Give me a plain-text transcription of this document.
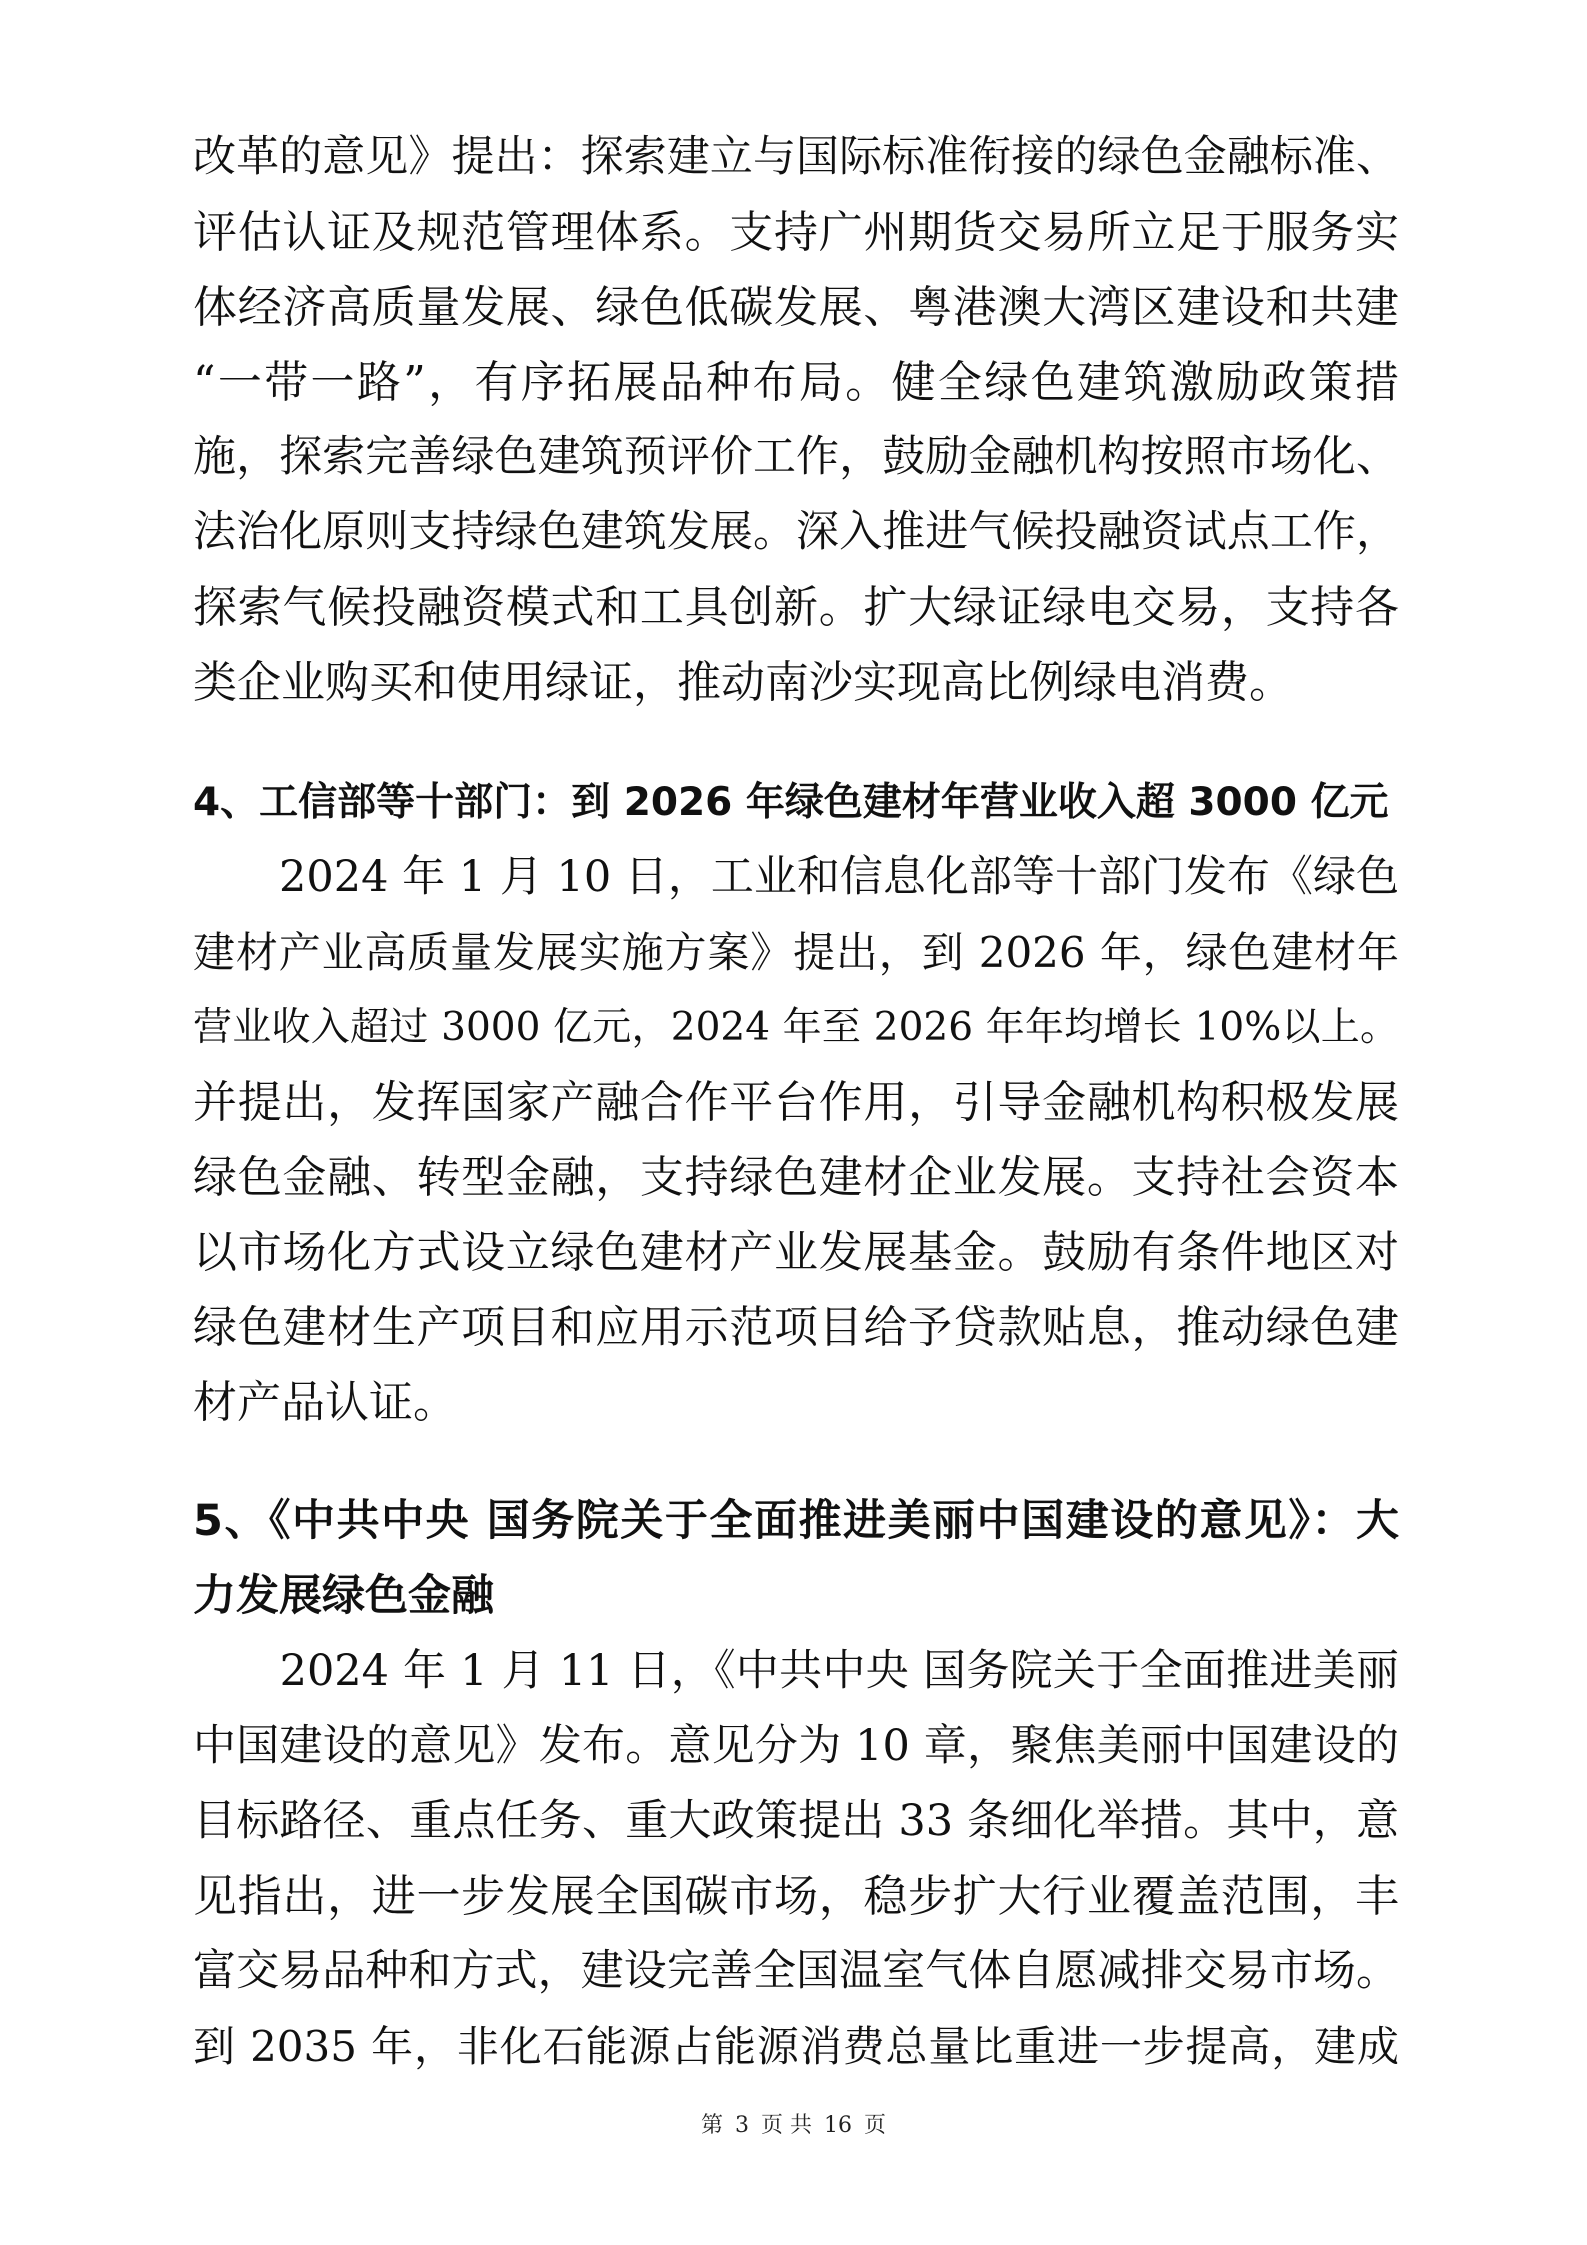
改革的意见》提出：探索建立与国际标准衔接的绿色金融标准、
评估认证及规范管理体系。支持广州期货交易所立足于服务实
体经济高质量发展、绿色低碳发展、粤港澳大湾区建设和共建
“一带一路”，有序拓展品种布局。健全绿色建筑激励政策措
施，探索完善绿色建筑预评价工作，鼓励金融机构按照市场化、
法治化原则支持绿色建筑发展。深入推进气候投融资试点工作，
探索气候投融资模式和工具创新。扩大绿证绿电交易，支持各
类企业购买和使用绿证，推动南沙实现高比例绿电消费。
4、工信部等十部门：到 2026 年绿色建材年营业收入超 3000 亿元
　　2024 年 1 月 10 日，工业和信息化部等十部门发布《绿色
建材产业高质量发展实施方案》提出，到 2026 年，绿色建材年
营业收入超过 3000 亿元，2024 年至 2026 年年均增长 10%以上。
并提出，发挥国家产融合作平台作用，引导金融机构积极发展
绿色金融、转型金融，支持绿色建材企业发展。支持社会资本
以市场化方式设立绿色建材产业发展基金。鼓励有条件地区对
绿色建材生产项目和应用示范项目给予贷款贴息，推动绿色建
材产品认证。
5、《中共中央 国务院关于全面推进美丽中国建设的意见》：大
力发展绿色金融
　　2024 年 1 月 11 日，《中共中央 国务院关于全面推进美丽
中国建设的意见》发布。意见分为 10 章，聚焦美丽中国建设的
目标路径、重点任务、重大政策提出 33 条细化举措。其中，意
见指出，进一步发展全国碳市场，稳步扩大行业覆盖范围，丰
富交易品种和方式，建设完善全国温室气体自愿减排交易市场。
到 2035 年，非化石能源占能源消费总量比重进一步提高，建成
第 3 页 共 16 页
